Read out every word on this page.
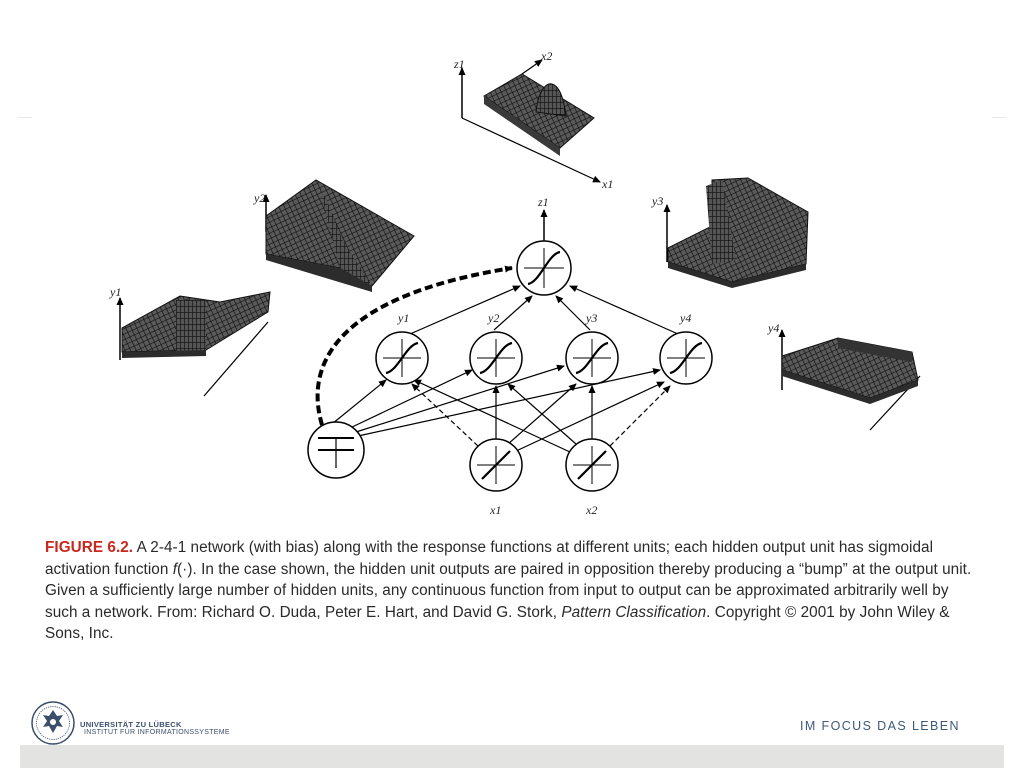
z1
x2
x1
y2
y1
y3
y4
z1
y1	y2	y3	y4
x1	x2
FIGURE 6.2. A 2-4-1 network (with bias) along with the response functions at different units; each hidden output unit has sigmoidal activation function f(·). In the case shown, the hidden unit outputs are paired in opposition thereby producing a “bump” at the output unit. Given a sufficiently large number of hidden units, any continuous function from input to output can be approximated arbitrarily well by such a network. From: Richard O. Duda, Peter E. Hart, and David G. Stork, Pattern Classification. Copyright © 2001 by John Wiley & Sons, Inc.
UNIVERSITÄT ZU LÜBECK
INSTITUT FÜR INFORMATIONSSYSTEME	IM FOCUS DAS LEBEN
